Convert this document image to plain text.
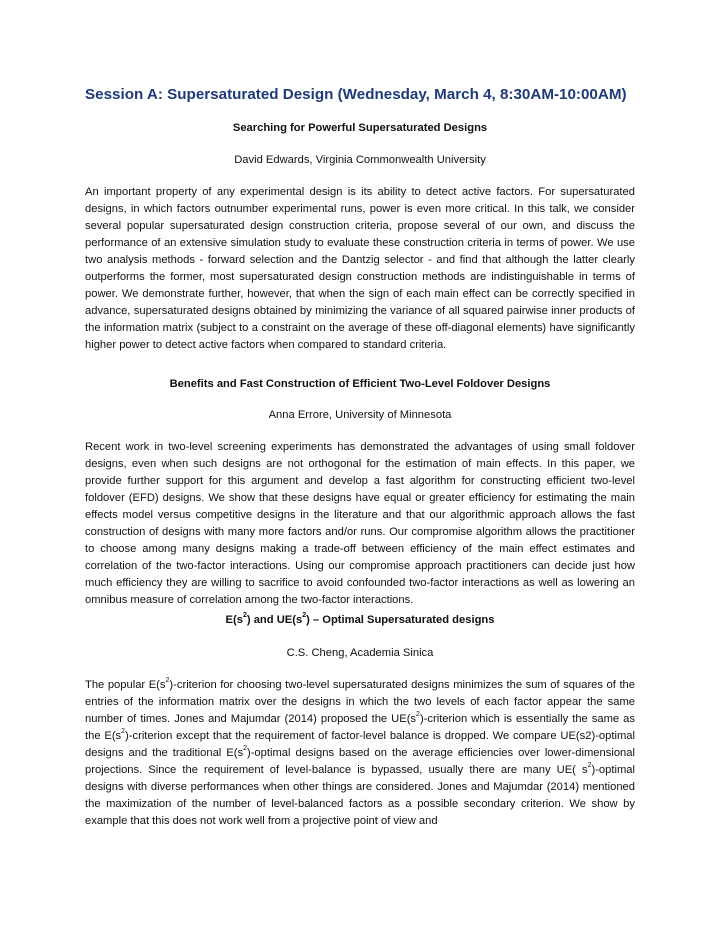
Session A: Supersaturated Design (Wednesday, March 4, 8:30AM-10:00AM)
Searching for Powerful Supersaturated Designs
David Edwards, Virginia Commonwealth University
An important property of any experimental design is its ability to detect active factors. For supersaturated designs, in which factors outnumber experimental runs, power is even more critical. In this talk, we consider several popular supersaturated design construction criteria, propose several of our own, and discuss the performance of an extensive simulation study to evaluate these construction criteria in terms of power. We use two analysis methods - forward selection and the Dantzig selector - and find that although the latter clearly outperforms the former, most supersaturated design construction methods are indistinguishable in terms of power. We demonstrate further, however, that when the sign of each main effect can be correctly specified in advance, supersaturated designs obtained by minimizing the variance of all squared pairwise inner products of the information matrix (subject to a constraint on the average of these off-diagonal elements) have significantly higher power to detect active factors when compared to standard criteria.
Benefits and Fast Construction of Efficient Two-Level Foldover Designs
Anna Errore, University of Minnesota
Recent work in two-level screening experiments has demonstrated the advantages of using small foldover designs, even when such designs are not orthogonal for the estimation of main effects. In this paper, we provide further support for this argument and develop a fast algorithm for constructing efficient two-level foldover (EFD) designs. We show that these designs have equal or greater efficiency for estimating the main effects model versus competitive designs in the literature and that our algorithmic approach allows the fast construction of designs with many more factors and/or runs. Our compromise algorithm allows the practitioner to choose among many designs making a trade-off between efficiency of the main effect estimates and correlation of the two-factor interactions. Using our compromise approach practitioners can decide just how much efficiency they are willing to sacrifice to avoid confounded two-factor interactions as well as lowering an omnibus measure of correlation among the two-factor interactions.
$E(s^2)$ and $UE(s^2)$ – Optimal Supersaturated designs
C.S. Cheng, Academia Sinica
The popular $E(s^2)$-criterion for choosing two-level supersaturated designs minimizes the sum of squares of the entries of the information matrix over the designs in which the two levels of each factor appear the same number of times. Jones and Majumdar (2014) proposed the $UE(s^2)$-criterion which is essentially the same as the $E(s^2)$-criterion except that the requirement of factor-level balance is dropped. We compare UE(s2)-optimal designs and the traditional $E(s^2)$-optimal designs based on the average efficiencies over lower-dimensional projections. Since the requirement of level-balance is bypassed, usually there are many UE( $s^2$)-optimal designs with diverse performances when other things are considered. Jones and Majumdar (2014) mentioned the maximization of the number of level-balanced factors as a possible secondary criterion. We show by example that this does not work well from a projective point of view and
